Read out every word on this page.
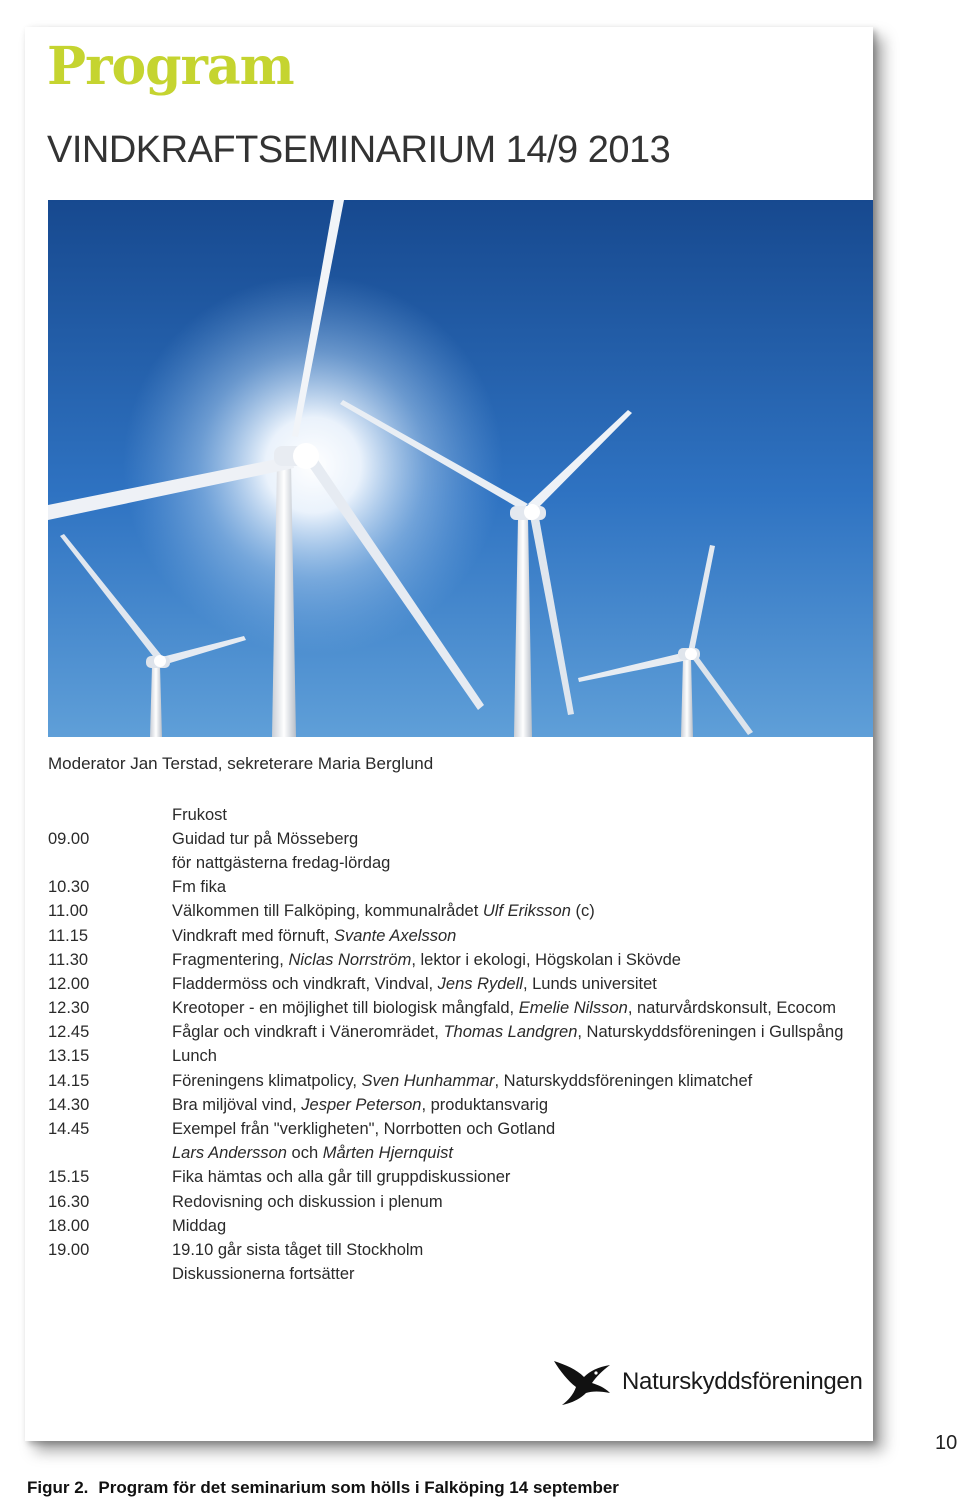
Program
VINDKRAFTSEMINARIUM 14/9 2013
Moderator Jan Terstad, sekreterare Maria Berglund
Frukost
09.00	Guidad tur på Mösseberg
för nattgästerna fredag-lördag
10.30	Fm fika
11.00	Välkommen till Falköping, kommunalrådet Ulf Eriksson (c)
11.15	Vindkraft med förnuft, Svante Axelsson
11.30	Fragmentering, Niclas Norrström, lektor i ekologi, Högskolan i Skövde
12.00	Fladdermöss och vindkraft, Vindval, Jens Rydell, Lunds universitet
12.30	Kreotoper - en möjlighet till biologisk mångfald, Emelie Nilsson, naturvårdskonsult, Ecocom
12.45	Fåglar och vindkraft i Väneromrädet, Thomas Landgren, Naturskyddsföreningen i Gullspång
13.15	Lunch
14.15	Föreningens klimatpolicy, Sven Hunhammar, Naturskyddsföreningen klimatchef
14.30	Bra miljöval vind, Jesper Peterson, produktansvarig
14.45	Exempel från "verkligheten", Norrbotten och Gotland
Lars Andersson och Mårten Hjernquist
15.15	Fika hämtas och alla går till gruppdiskussioner
16.30	Redovisning och diskussion i plenum
18.00	Middag
19.00	19.10 går sista tåget till Stockholm
Diskussionerna fortsätter
Naturskyddsföreningen
10
Figur 2. Program för det seminarium som hölls i Falköping 14 september
